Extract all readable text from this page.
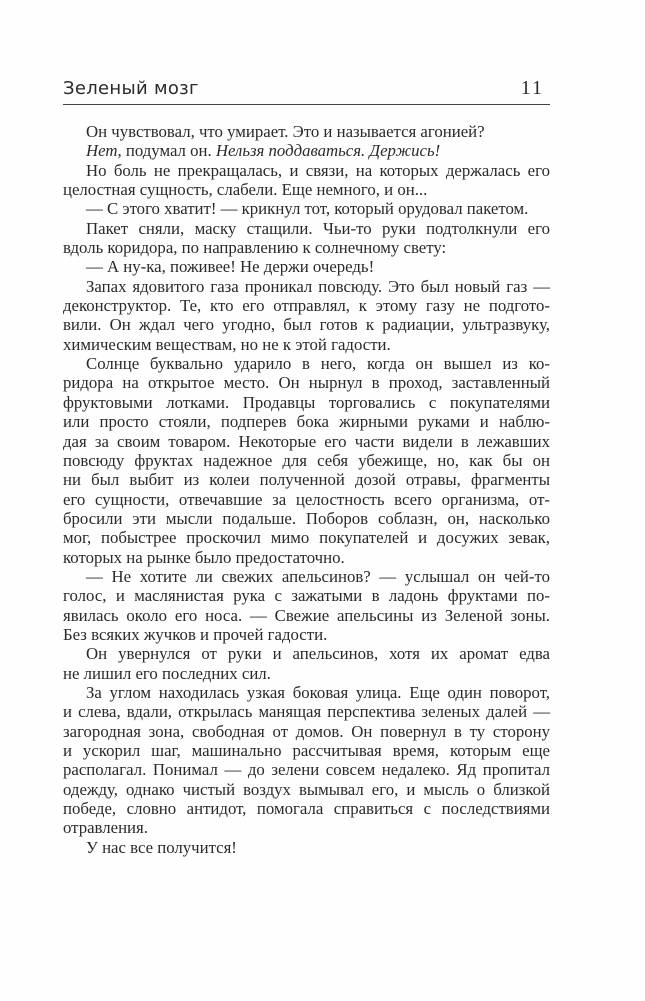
Зеленый мозг	11
Он чувствовал, что умирает. Это и называется агонией?
Нет, подумал он. Нельзя поддаваться. Держись!
Но боль не прекращалась, и связи, на которых держалась его
целостная сущность, слабели. Еще немного, и он...
— С этого хватит! — крикнул тот, который орудовал пакетом.
Пакет сняли, маску стащили. Чьи-то руки подтолкнули его
вдоль коридора, по направлению к солнечному свету:
— А ну-ка, поживее! Не держи очередь!
Запах ядовитого газа проникал повсюду. Это был новый газ —
деконструктор. Те, кто его отправлял, к этому газу не подгото-
вили. Он ждал чего угодно, был готов к радиации, ультразвуку,
химическим веществам, но не к этой гадости.
Солнце буквально ударило в него, когда он вышел из ко-
ридора на открытое место. Он нырнул в проход, заставленный
фруктовыми лотками. Продавцы торговались с покупателями
или просто стояли, подперев бока жирными руками и наблю-
дая за своим товаром. Некоторые его части видели в лежавших
повсюду фруктах надежное для себя убежище, но, как бы он
ни был выбит из колеи полученной дозой отравы, фрагменты
его сущности, отвечавшие за целостность всего организма, от-
бросили эти мысли подальше. Поборов соблазн, он, насколько
мог, побыстрее проскочил мимо покупателей и досужих зевак,
которых на рынке было предостаточно.
— Не хотите ли свежих апельсинов? — услышал он чей-то
голос, и маслянистая рука с зажатыми в ладонь фруктами по-
явилась около его носа. — Свежие апельсины из Зеленой зоны.
Без всяких жучков и прочей гадости.
Он увернулся от руки и апельсинов, хотя их аромат едва
не лишил его последних сил.
За углом находилась узкая боковая улица. Еще один поворот,
и слева, вдали, открылась манящая перспектива зеленых далей —
загородная зона, свободная от домов. Он повернул в ту сторону
и ускорил шаг, машинально рассчитывая время, которым еще
располагал. Понимал — до зелени совсем недалеко. Яд пропитал
одежду, однако чистый воздух вымывал его, и мысль о близкой
победе, словно антидот, помогала справиться с последствиями
отравления.
У нас все получится!
